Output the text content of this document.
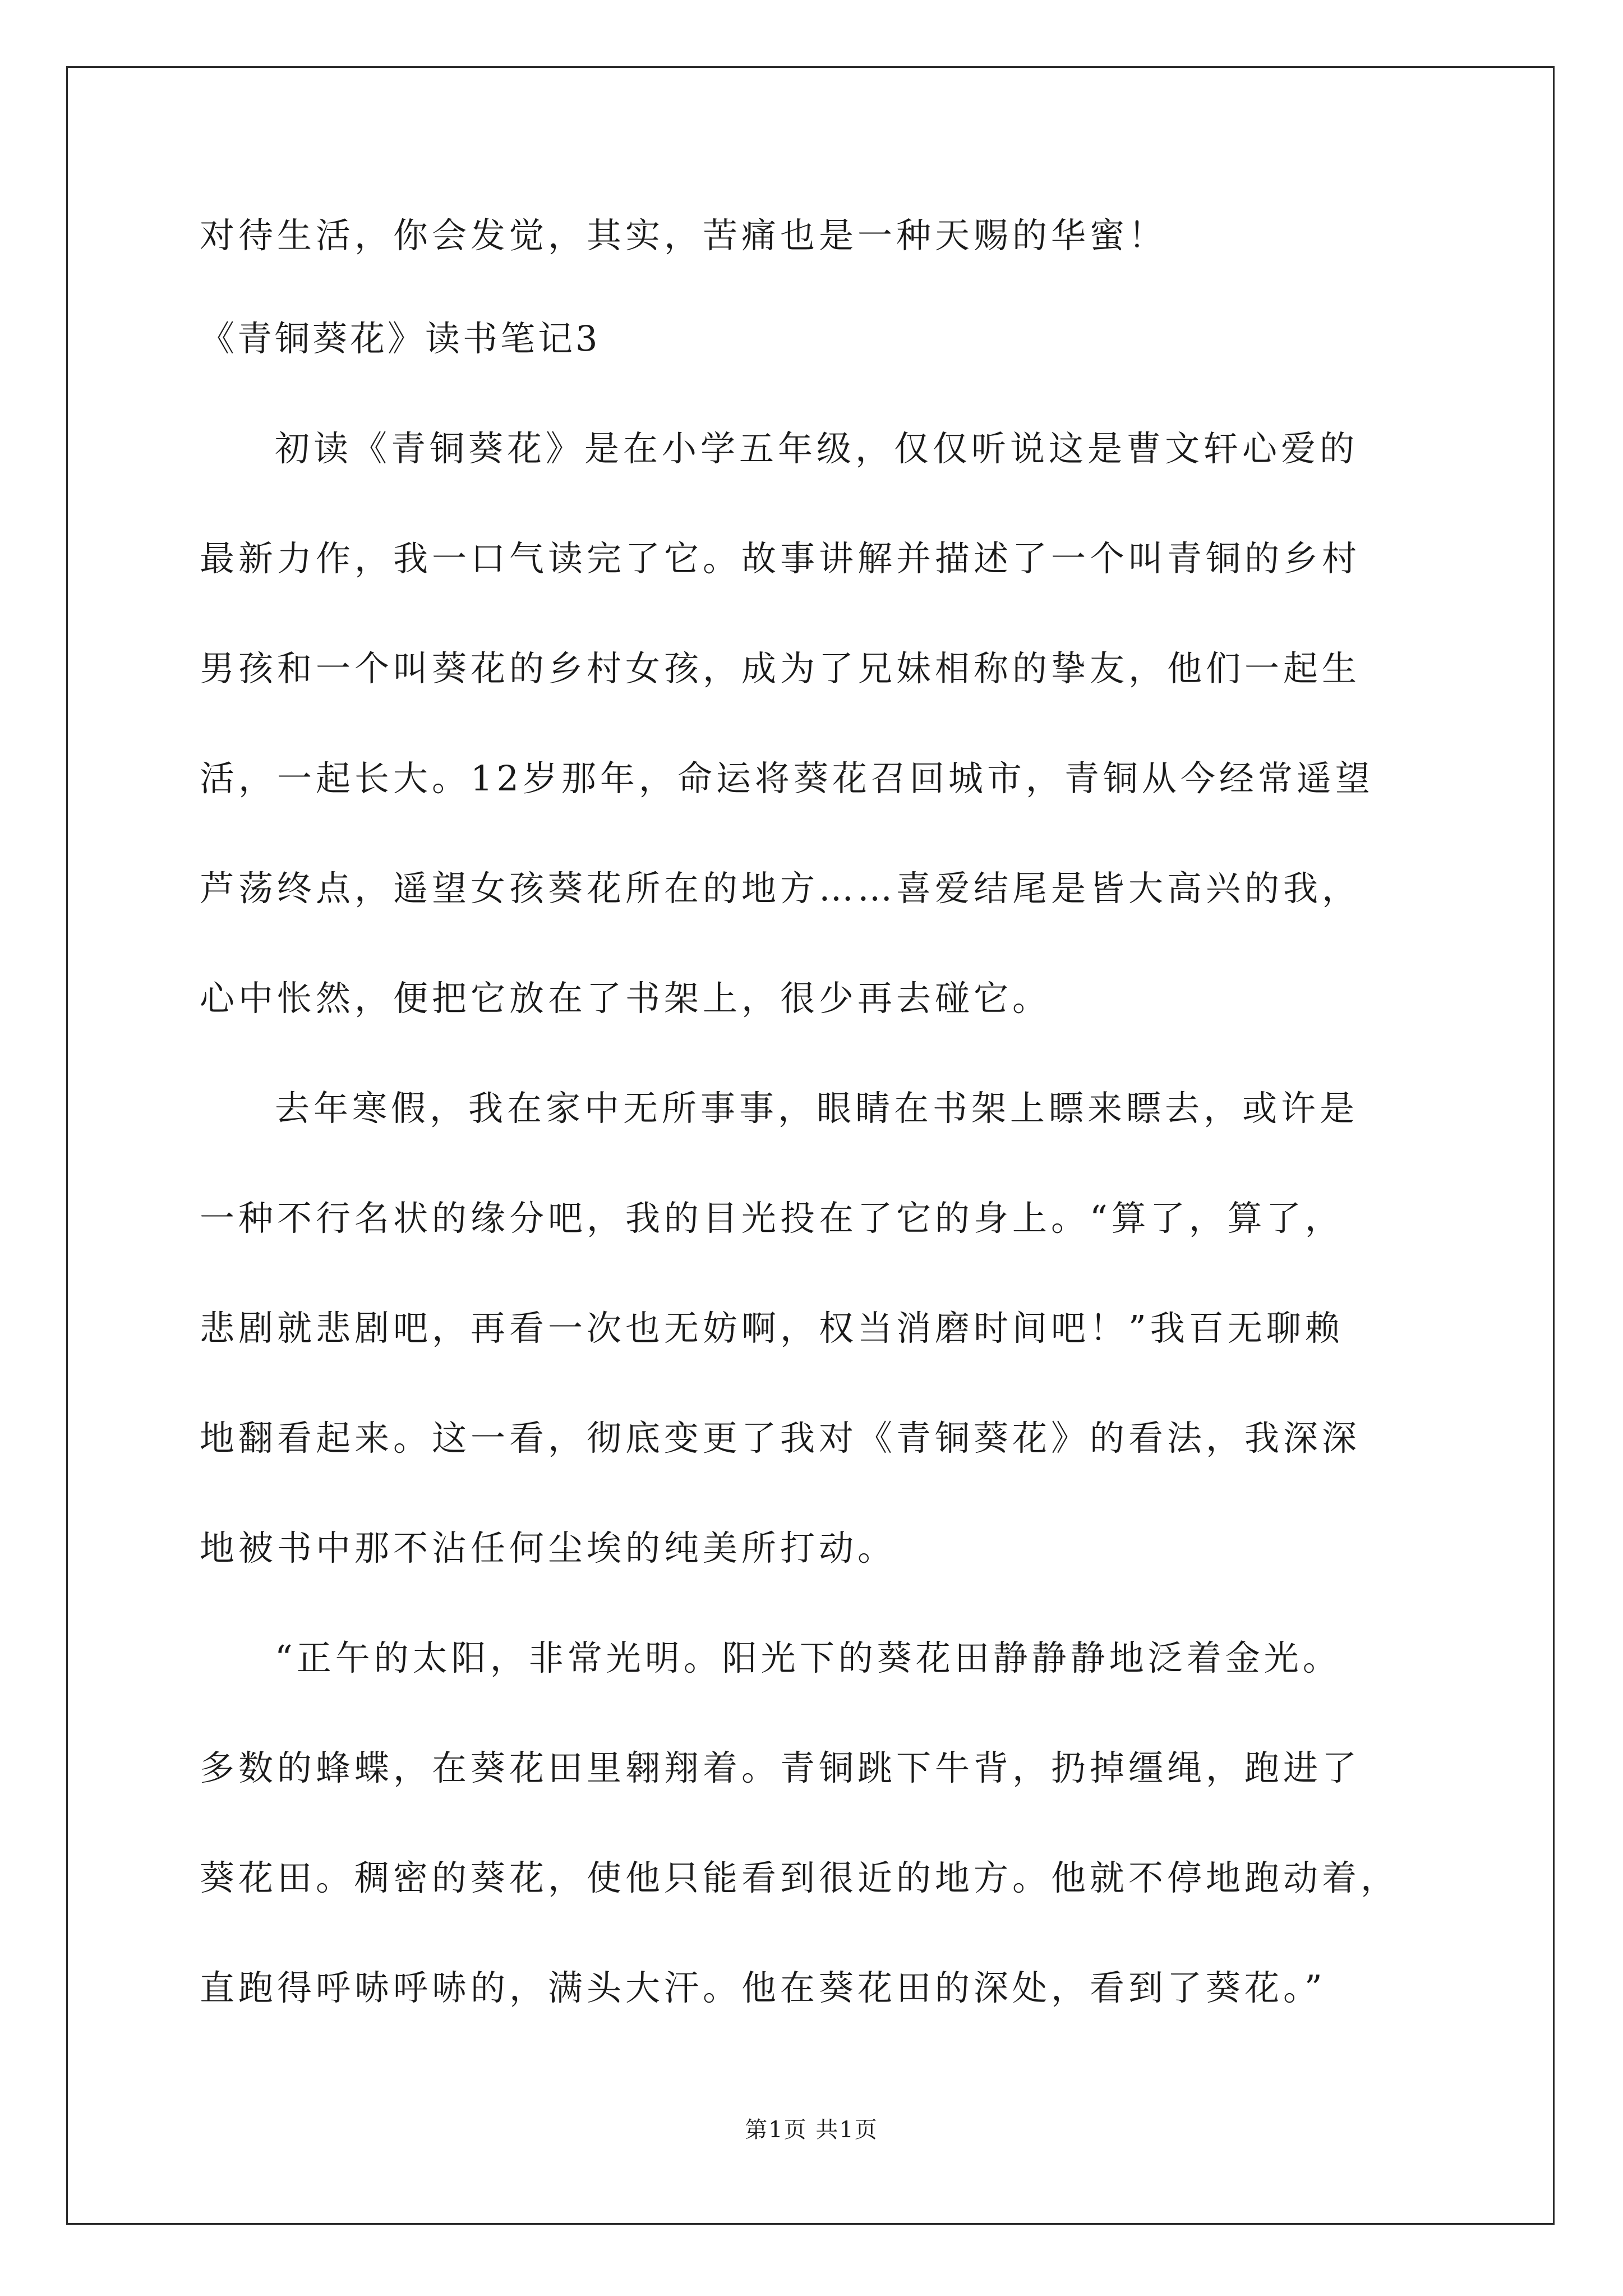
对待生活，你会发觉，其实，苦痛也是一种天赐的华蜜！
《青铜葵花》读书笔记3
初读《青铜葵花》是在小学五年级，仅仅听说这是曹文轩心爱的
最新力作，我一口气读完了它。故事讲解并描述了一个叫青铜的乡村
男孩和一个叫葵花的乡村女孩，成为了兄妹相称的挚友，他们一起生
活，一起长大。12岁那年，命运将葵花召回城市，青铜从今经常遥望
芦荡终点，遥望女孩葵花所在的地方……喜爱结尾是皆大高兴的我，
心中怅然，便把它放在了书架上，很少再去碰它。
去年寒假，我在家中无所事事，眼睛在书架上瞟来瞟去，或许是
一种不行名状的缘分吧，我的目光投在了它的身上。“算了，算了，
悲剧就悲剧吧，再看一次也无妨啊，权当消磨时间吧！”我百无聊赖
地翻看起来。这一看，彻底变更了我对《青铜葵花》的看法，我深深
地被书中那不沾任何尘埃的纯美所打动。
“正午的太阳，非常光明。阳光下的葵花田静静静地泛着金光。
多数的蜂蝶，在葵花田里翱翔着。青铜跳下牛背，扔掉缰绳，跑进了
葵花田。稠密的葵花，使他只能看到很近的地方。他就不停地跑动着，
直跑得呼哧呼哧的，满头大汗。他在葵花田的深处，看到了葵花。”
第1页 共1页
